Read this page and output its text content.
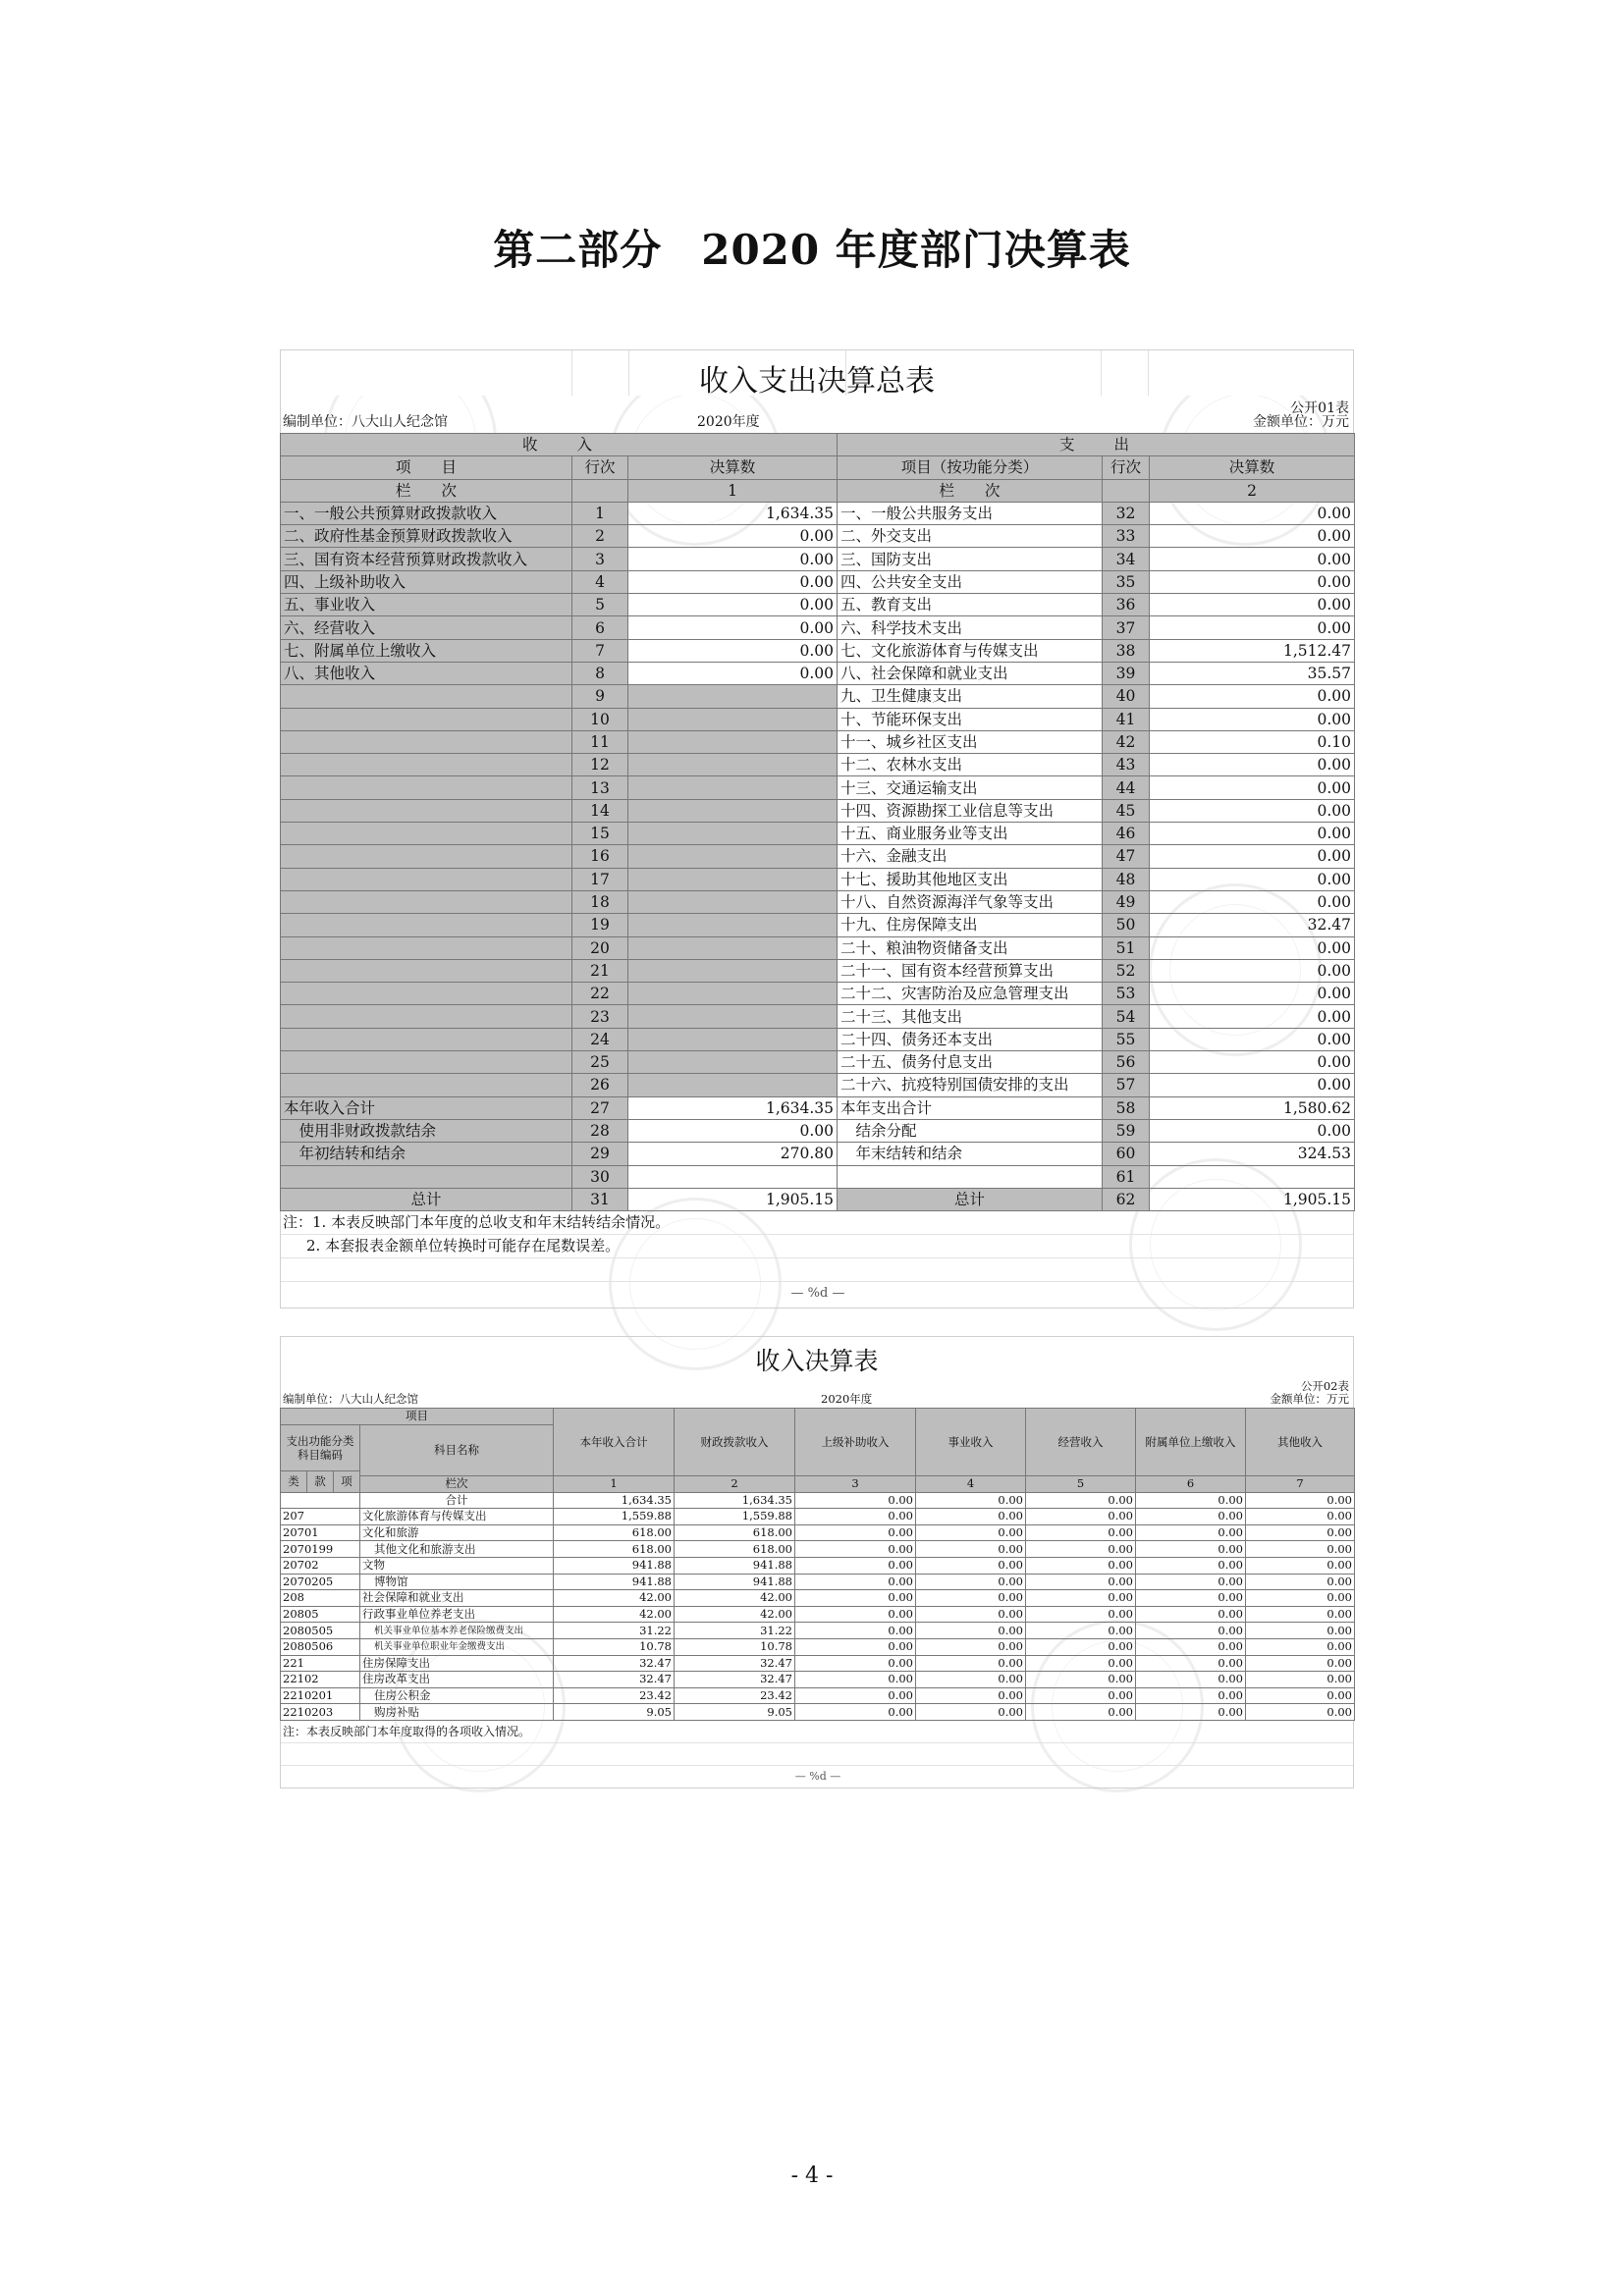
第二部分 2020 年度部门决算表
收入支出决算总表
公开01表
编制单位：八大山人纪念馆	2020年度	金额单位：万元
收　　入			支　　出		
项　　目	行次	决算数	项目（按功能分类）	行次	决算数
栏　　次		1	栏　　次		2
一、一般公共预算财政拨款收入	1	1,634.35	一、一般公共服务支出	32	0.00
二、政府性基金预算财政拨款收入	2	0.00	二、外交支出	33	0.00
三、国有资本经营预算财政拨款收入	3	0.00	三、国防支出	34	0.00
四、上级补助收入	4	0.00	四、公共安全支出	35	0.00
五、事业收入	5	0.00	五、教育支出	36	0.00
六、经营收入	6	0.00	六、科学技术支出	37	0.00
七、附属单位上缴收入	7	0.00	七、文化旅游体育与传媒支出	38	1,512.47
八、其他收入	8	0.00	八、社会保障和就业支出	39	35.57
	9		九、卫生健康支出	40	0.00
	10		十、节能环保支出	41	0.00
	11		十一、城乡社区支出	42	0.10
	12		十二、农林水支出	43	0.00
	13		十三、交通运输支出	44	0.00
	14		十四、资源勘探工业信息等支出	45	0.00
	15		十五、商业服务业等支出	46	0.00
	16		十六、金融支出	47	0.00
	17		十七、援助其他地区支出	48	0.00
	18		十八、自然资源海洋气象等支出	49	0.00
	19		十九、住房保障支出	50	32.47
	20		二十、粮油物资储备支出	51	0.00
	21		二十一、国有资本经营预算支出	52	0.00
	22		二十二、灾害防治及应急管理支出	53	0.00
	23		二十三、其他支出	54	0.00
	24		二十四、债务还本支出	55	0.00
	25		二十五、债务付息支出	56	0.00
	26		二十六、抗疫特别国债安排的支出	57	0.00
本年收入合计	27	1,634.35	本年支出合计	58	1,580.62
　使用非财政拨款结余	28	0.00	　结余分配	59	0.00
　年初结转和结余	29	270.80	　年末结转和结余	60	324.53
	30			61	
总计	31	1,905.15	总计	62	1,905.15
注：1. 本表反映部门本年度的总收支和年末结转结余情况。
2. 本套报表金额单位转换时可能存在尾数误差。
— %d —
收入决算表
公开02表
编制单位：八大山人纪念馆	2020年度	金额单位：万元
项目				本年收入合计	财政拨款收入	上级补助收入	事业收入	经营收入	附属单位上缴收入	其他收入
支出功能分类科目编码			科目名称							
类	款	项								
			栏次	1	2	3	4	5	6	7
			合计	1,634.35	1,634.35	0.00	0.00	0.00	0.00	0.00
207			文化旅游体育与传媒支出	1,559.88	1,559.88	0.00	0.00	0.00	0.00	0.00
20701			文化和旅游	618.00	618.00	0.00	0.00	0.00	0.00	0.00
2070199			其他文化和旅游支出	618.00	618.00	0.00	0.00	0.00	0.00	0.00
20702			文物	941.88	941.88	0.00	0.00	0.00	0.00	0.00
2070205			博物馆	941.88	941.88	0.00	0.00	0.00	0.00	0.00
208			社会保障和就业支出	42.00	42.00	0.00	0.00	0.00	0.00	0.00
20805			行政事业单位养老支出	42.00	42.00	0.00	0.00	0.00	0.00	0.00
2080505			机关事业单位基本养老保险缴费支出	31.22	31.22	0.00	0.00	0.00	0.00	0.00
2080506			机关事业单位职业年金缴费支出	10.78	10.78	0.00	0.00	0.00	0.00	0.00
221			住房保障支出	32.47	32.47	0.00	0.00	0.00	0.00	0.00
22102			住房改革支出	32.47	32.47	0.00	0.00	0.00	0.00	0.00
2210201			住房公积金	23.42	23.42	0.00	0.00	0.00	0.00	0.00
2210203			购房补贴	9.05	9.05	0.00	0.00	0.00	0.00	0.00
注：本表反映部门本年度取得的各项收入情况。
— %d —
- 4 -
